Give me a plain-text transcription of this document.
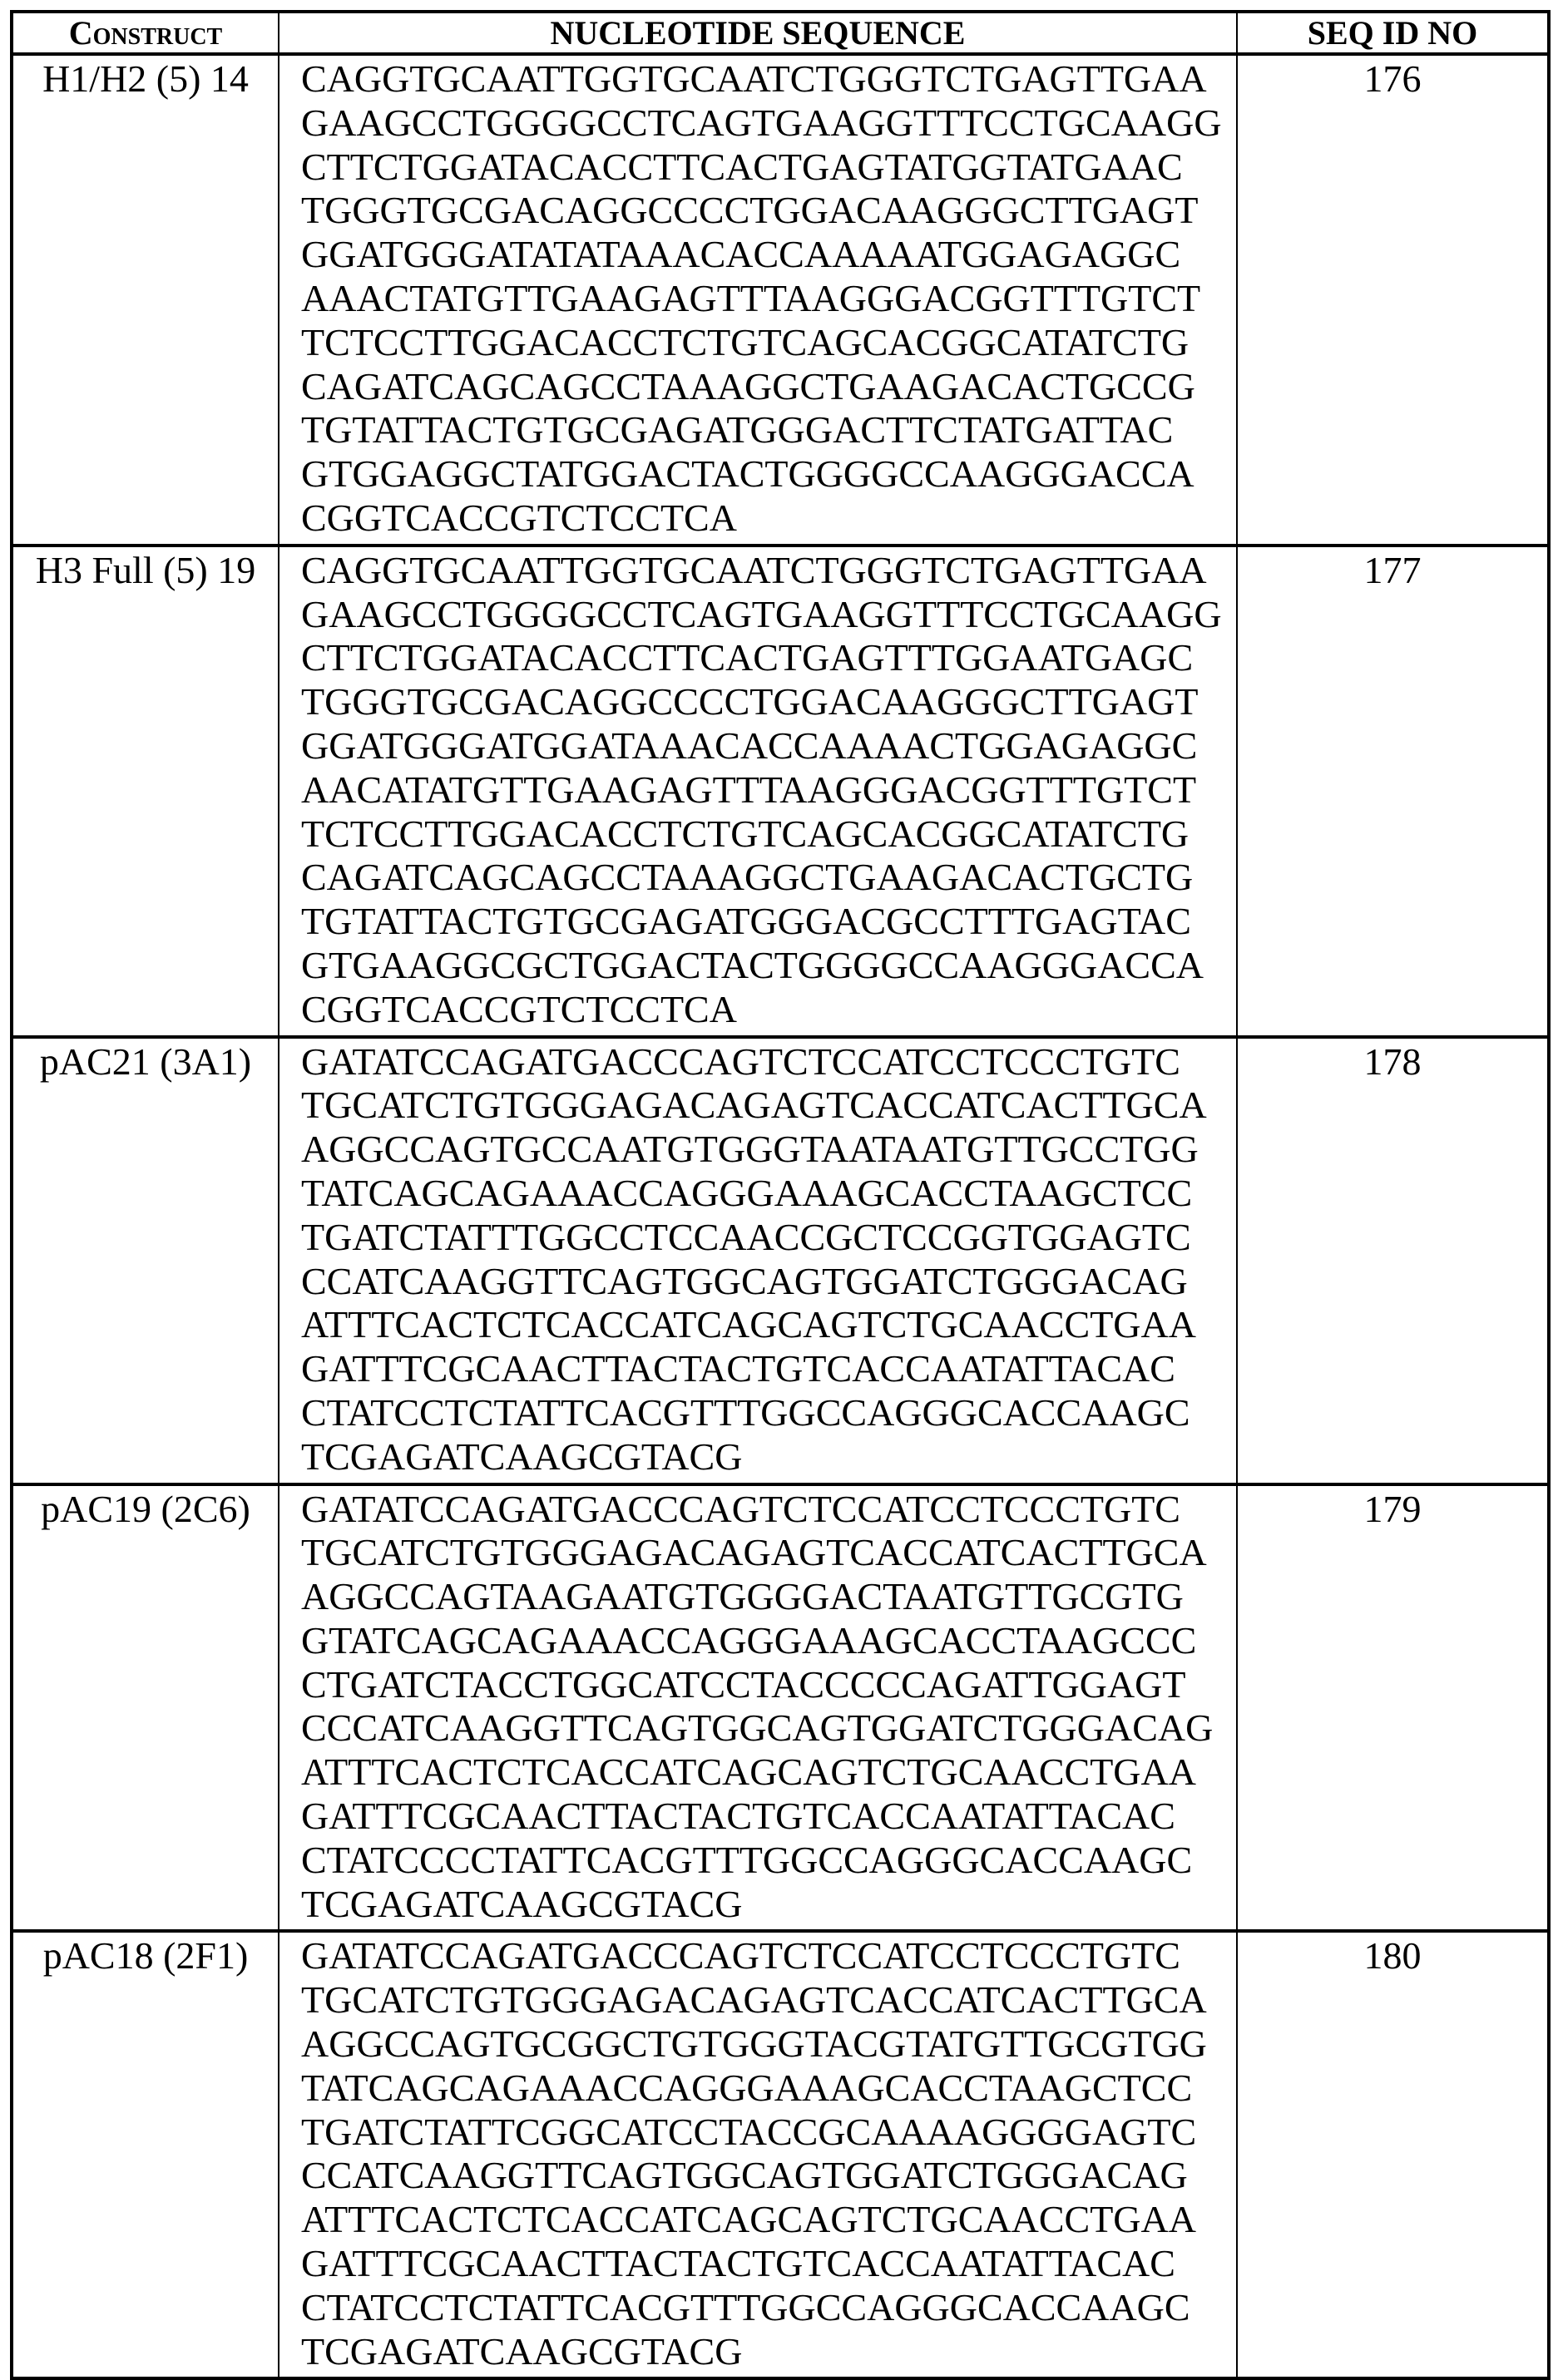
Construct	NUCLEOTIDE SEQUENCE	SEQ ID NO
H1/H2 (5) 14	CAGGTGCAATTGGTGCAATCTGGGTCTGAGTTGAA
GAAGCCTGGGGCCTCAGTGAAGGTTTCCTGCAAGG
CTTCTGGATACACCTTCACTGAGTATGGTATGAAC
TGGGTGCGACAGGCCCCTGGACAAGGGCTTGAGT
GGATGGGATATATAAACACCAAAAATGGAGAGGC
AAACTATGTTGAAGAGTTTAAGGGACGGTTTGTCT
TCTCCTTGGACACCTCTGTCAGCACGGCATATCTG
CAGATCAGCAGCCTAAAGGCTGAAGACACTGCCG
TGTATTACTGTGCGAGATGGGACTTCTATGATTAC
GTGGAGGCTATGGACTACTGGGGCCAAGGGACCA
CGGTCACCGTCTCCTCA
	176
H3 Full (5) 19	CAGGTGCAATTGGTGCAATCTGGGTCTGAGTTGAA
GAAGCCTGGGGCCTCAGTGAAGGTTTCCTGCAAGG
CTTCTGGATACACCTTCACTGAGTTTGGAATGAGC
TGGGTGCGACAGGCCCCTGGACAAGGGCTTGAGT
GGATGGGATGGATAAACACCAAAACTGGAGAGGC
AACATATGTTGAAGAGTTTAAGGGACGGTTTGTCT
TCTCCTTGGACACCTCTGTCAGCACGGCATATCTG
CAGATCAGCAGCCTAAAGGCTGAAGACACTGCTG
TGTATTACTGTGCGAGATGGGACGCCTTTGAGTAC
GTGAAGGCGCTGGACTACTGGGGCCAAGGGACCA
CGGTCACCGTCTCCTCA
	177
pAC21 (3A1)	GATATCCAGATGACCCAGTCTCCATCCTCCCTGTC
TGCATCTGTGGGAGACAGAGTCACCATCACTTGCA
AGGCCAGTGCCAATGTGGGTAATAATGTTGCCTGG
TATCAGCAGAAACCAGGGAAAGCACCTAAGCTCC
TGATCTATTTGGCCTCCAACCGCTCCGGTGGAGTC
CCATCAAGGTTCAGTGGCAGTGGATCTGGGACAG
ATTTCACTCTCACCATCAGCAGTCTGCAACCTGAA
GATTTCGCAACTTACTACTGTCACCAATATTACAC
CTATCCTCTATTCACGTTTGGCCAGGGCACCAAGC
TCGAGATCAAGCGTACG
	178
pAC19 (2C6)	GATATCCAGATGACCCAGTCTCCATCCTCCCTGTC
TGCATCTGTGGGAGACAGAGTCACCATCACTTGCA
AGGCCAGTAAGAATGTGGGGACTAATGTTGCGTG
GTATCAGCAGAAACCAGGGAAAGCACCTAAGCCC
CTGATCTACCTGGCATCCTACCCCCAGATTGGAGT
CCCATCAAGGTTCAGTGGCAGTGGATCTGGGACAG
ATTTCACTCTCACCATCAGCAGTCTGCAACCTGAA
GATTTCGCAACTTACTACTGTCACCAATATTACAC
CTATCCCCTATTCACGTTTGGCCAGGGCACCAAGC
TCGAGATCAAGCGTACG
	179
pAC18 (2F1)	GATATCCAGATGACCCAGTCTCCATCCTCCCTGTC
TGCATCTGTGGGAGACAGAGTCACCATCACTTGCA
AGGCCAGTGCGGCTGTGGGTACGTATGTTGCGTGG
TATCAGCAGAAACCAGGGAAAGCACCTAAGCTCC
TGATCTATTCGGCATCCTACCGCAAAAGGGGAGTC
CCATCAAGGTTCAGTGGCAGTGGATCTGGGACAG
ATTTCACTCTCACCATCAGCAGTCTGCAACCTGAA
GATTTCGCAACTTACTACTGTCACCAATATTACAC
CTATCCTCTATTCACGTTTGGCCAGGGCACCAAGC
TCGAGATCAAGCGTACG
	180
